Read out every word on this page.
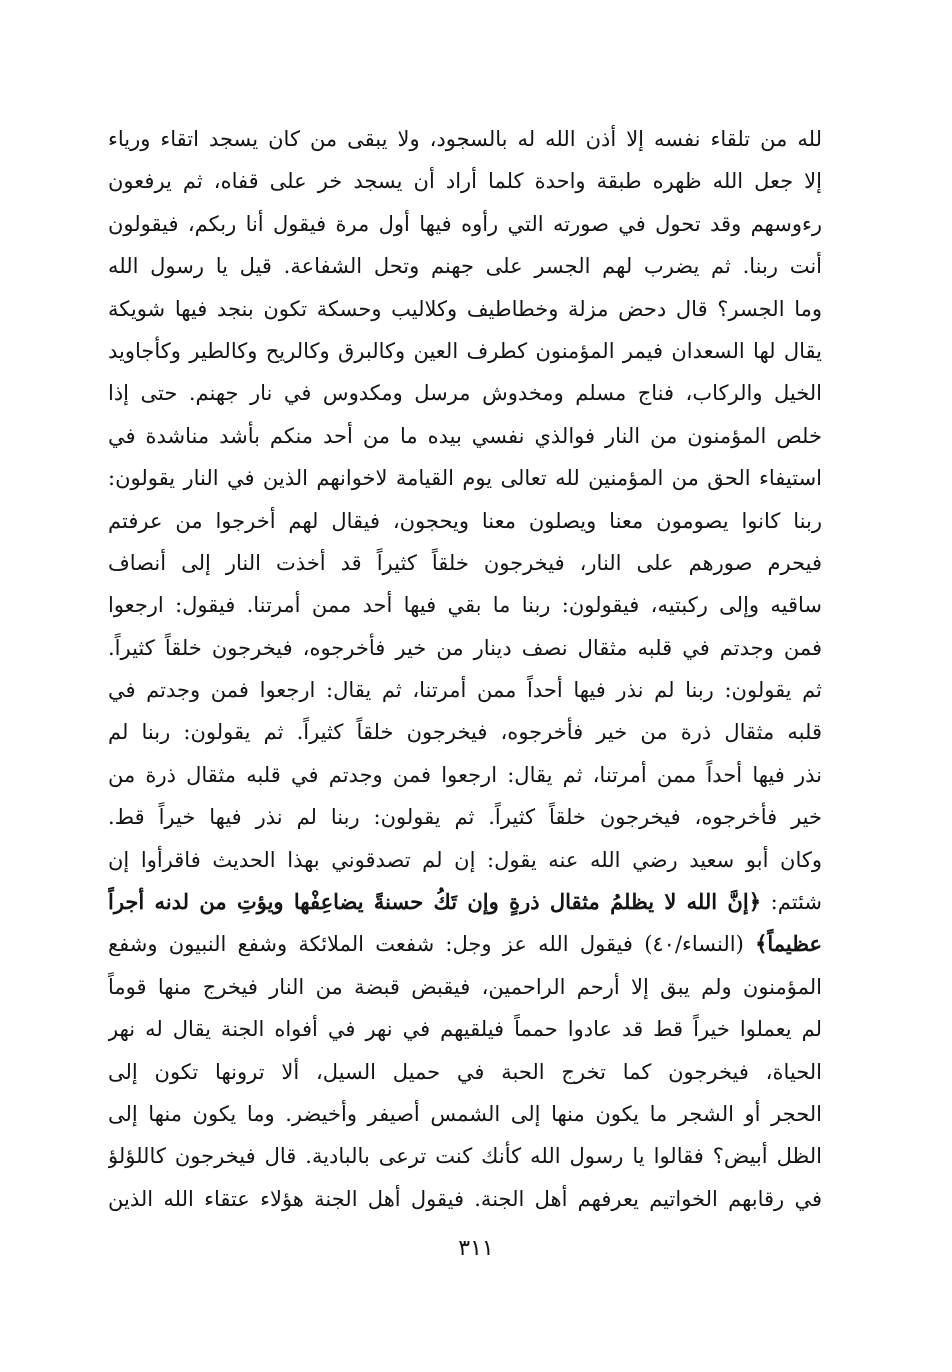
لله من تلقاء نفسه إلا أذن الله له بالسجود، ولا يبقى من كان يسجد اتقاء ورياء
إلا جعل الله ظهره طبقة واحدة كلما أراد أن يسجد خر على قفاه، ثم يرفعون
رءوسهم وقد تحول في صورته التي رأوه فيها أول مرة فيقول أنا ربكم، فيقولون
أنت ربنا. ثم يضرب لهم الجسر على جهنم وتحل الشفاعة. قيل يا رسول الله
وما الجسر؟ قال دحض مزلة وخطاطيف وكلاليب وحسكة تكون بنجد فيها شويكة
يقال لها السعدان فيمر المؤمنون كطرف العين وكالبرق وكالريح وكالطير وكأجاويد
الخيل والركاب، فناج مسلم ومخدوش مرسل ومكدوس في نار جهنم. حتى إذا
خلص المؤمنون من النار فوالذي نفسي بيده ما من أحد منكم بأشد مناشدة في
استيفاء الحق من المؤمنين لله تعالى يوم القيامة لاخوانهم الذين في النار يقولون:
ربنا كانوا يصومون معنا ويصلون معنا ويحجون، فيقال لهم أخرجوا من عرفتم
فيحرم صورهم على النار، فيخرجون خلقاً كثيراً قد أخذت النار إلى أنصاف
ساقيه وإلى ركبتيه، فيقولون: ربنا ما بقي فيها أحد ممن أمرتنا. فيقول: ارجعوا
فمن وجدتم في قلبه مثقال نصف دينار من خير فأخرجوه، فيخرجون خلقاً كثيراً.
ثم يقولون: ربنا لم نذر فيها أحداً ممن أمرتنا، ثم يقال: ارجعوا فمن وجدتم في
قلبه مثقال ذرة من خير فأخرجوه، فيخرجون خلقاً كثيراً. ثم يقولون: ربنا لم
نذر فيها أحداً ممن أمرتنا، ثم يقال: ارجعوا فمن وجدتم في قلبه مثقال ذرة من
خير فأخرجوه، فيخرجون خلقاً كثيراً. ثم يقولون: ربنا لم نذر فيها خيراً قط.
وكان أبو سعيد رضي الله عنه يقول: إن لم تصدقوني بهذا الحديث فاقرأوا إن
شئتم: ﴿إنَّ الله لا يظلمُ مثقال ذرةٍ وإن تَكُ حسنةً يضاعِفْها ويؤتِ من لدنه أجراً
عظيماً﴾ (النساء/٤٠) فيقول الله عز وجل: شفعت الملائكة وشفع النبيون وشفع
المؤمنون ولم يبق إلا أرحم الراحمين، فيقبض قبضة من النار فيخرج منها قوماً
لم يعملوا خيراً قط قد عادوا حمماً فيلقيهم في نهر في أفواه الجنة يقال له نهر
الحياة، فيخرجون كما تخرج الحبة في حميل السيل، ألا ترونها تكون إلى
الحجر أو الشجر ما يكون منها إلى الشمس أصيفر وأخيضر. وما يكون منها إلى
الظل أبيض؟ فقالوا يا رسول الله كأنك كنت ترعى بالبادية. قال فيخرجون كاللؤلؤ
في رقابهم الخواتيم يعرفهم أهل الجنة. فيقول أهل الجنة هؤلاء عتقاء الله الذين
٣١١
